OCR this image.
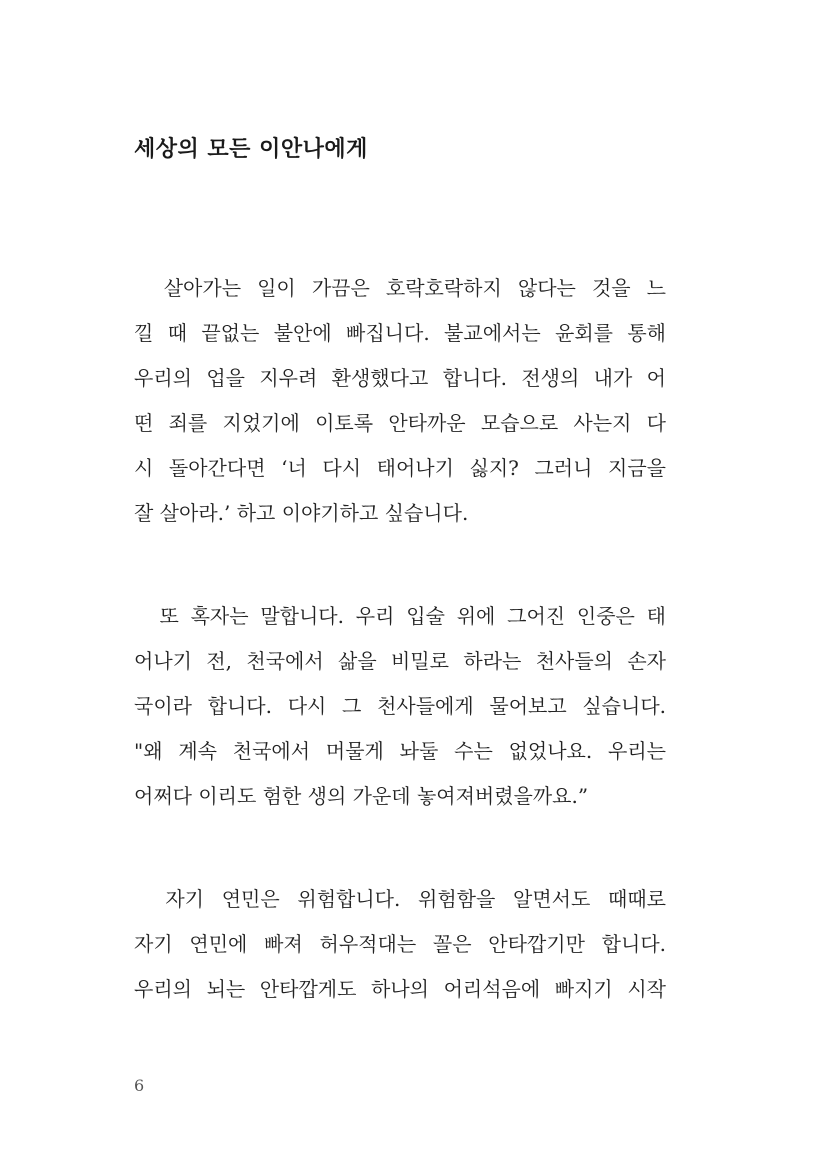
세상의 모든 이안나에게
　살아가는 일이 가끔은 호락호락하지 않다는 것을 느
낄 때 끝없는 불안에 빠집니다. 불교에서는 윤회를 통해
우리의 업을 지우려 환생했다고 합니다. 전생의 내가 어
떤 죄를 지었기에 이토록 안타까운 모습으로 사는지 다
시 돌아간다면 ‘너 다시 태어나기 싫지? 그러니 지금을
잘 살아라.’ 하고 이야기하고 싶습니다.
　또 혹자는 말합니다. 우리 입술 위에 그어진 인중은 태
어나기 전, 천국에서 삶을 비밀로 하라는 천사들의 손자
국이라 합니다. 다시 그 천사들에게 물어보고 싶습니다.
"왜 계속 천국에서 머물게 놔둘 수는 없었나요. 우리는
어쩌다 이리도 험한 생의 가운데 놓여져버렸을까요.”
　자기 연민은 위험합니다. 위험함을 알면서도 때때로
자기 연민에 빠져 허우적대는 꼴은 안타깝기만 합니다.
우리의 뇌는 안타깝게도 하나의 어리석음에 빠지기 시작
6
